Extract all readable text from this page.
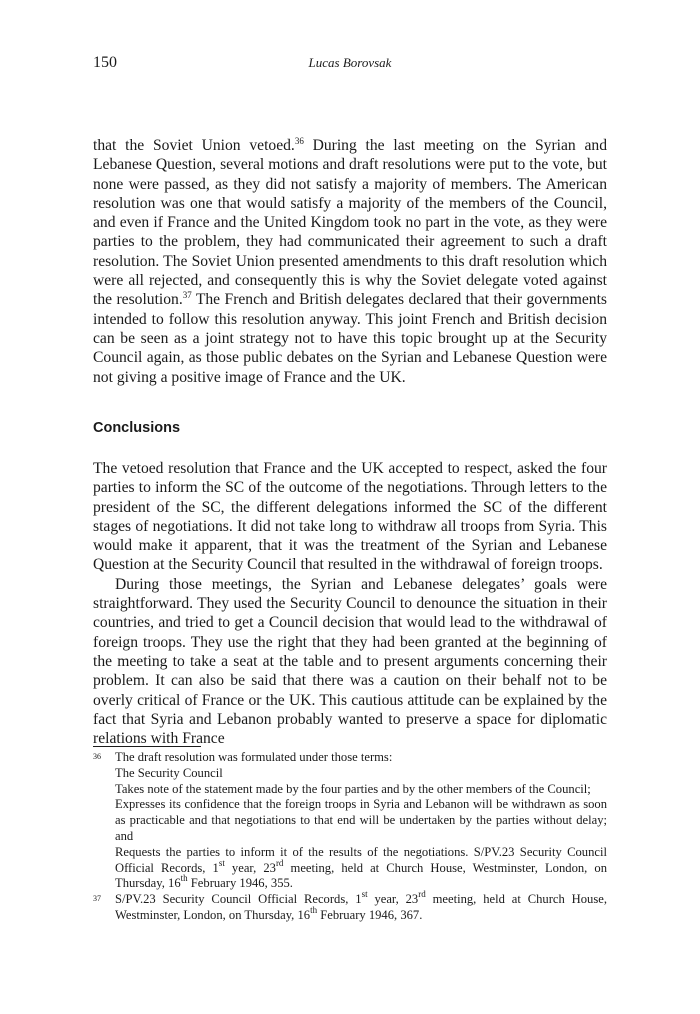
150	Lucas Borovsak

that the Soviet Union vetoed.$^{36}$ During the last meeting on the Syrian and Lebanese Question, several motions and draft resolutions were put to the vote, but none were passed, as they did not satisfy a majority of members. The American resolution was one that would satisfy a majority of the members of the Council, and even if France and the United Kingdom took no part in the vote, as they were parties to the problem, they had communicated their agreement to such a draft resolution. The Soviet Union presented amendments to this draft resolution which were all rejected, and consequently this is why the Soviet delegate voted against the resolution.$^{37}$ The French and British delegates declared that their governments intended to follow this resolution anyway. This joint French and British decision can be seen as a joint strategy not to have this topic brought up at the Security Council again, as those public debates on the Syrian and Lebanese Question were not giving a positive image of France and the UK.

Conclusions

The vetoed resolution that France and the UK accepted to respect, asked the four parties to inform the SC of the outcome of the negotiations. Through letters to the president of the SC, the different delegations informed the SC of the different stages of negotiations. It did not take long to withdraw all troops from Syria. This would make it apparent, that it was the treatment of the Syrian and Lebanese Question at the Security Council that resulted in the withdrawal of foreign troops.

During those meetings, the Syrian and Lebanese delegates’ goals were straightforward. They used the Security Council to denounce the situation in their countries, and tried to get a Council decision that would lead to the withdrawal of foreign troops. They use the right that they had been granted at the beginning of the meeting to take a seat at the table and to present arguments concerning their problem. It can also be said that there was a caution on their behalf not to be overly critical of France or the UK. This cautious attitude can be explained by the fact that Syria and Lebanon probably wanted to preserve a space for diplomatic relations with France

36 The draft resolution was formulated under those terms:
The Security Council
Takes note of the statement made by the four parties and by the other members of the Council;
Expresses its confidence that the foreign troops in Syria and Lebanon will be withdrawn as soon as practicable and that negotiations to that end will be undertaken by the parties without delay; and
Requests the parties to inform it of the results of the negotiations. S/PV.23 Security Council Official Records, 1st year, 23rd meeting, held at Church House, Westminster, London, on Thursday, 16th February 1946, 355.
37 S/PV.23 Security Council Official Records, 1st year, 23rd meeting, held at Church House, Westminster, London, on Thursday, 16th February 1946, 367.
